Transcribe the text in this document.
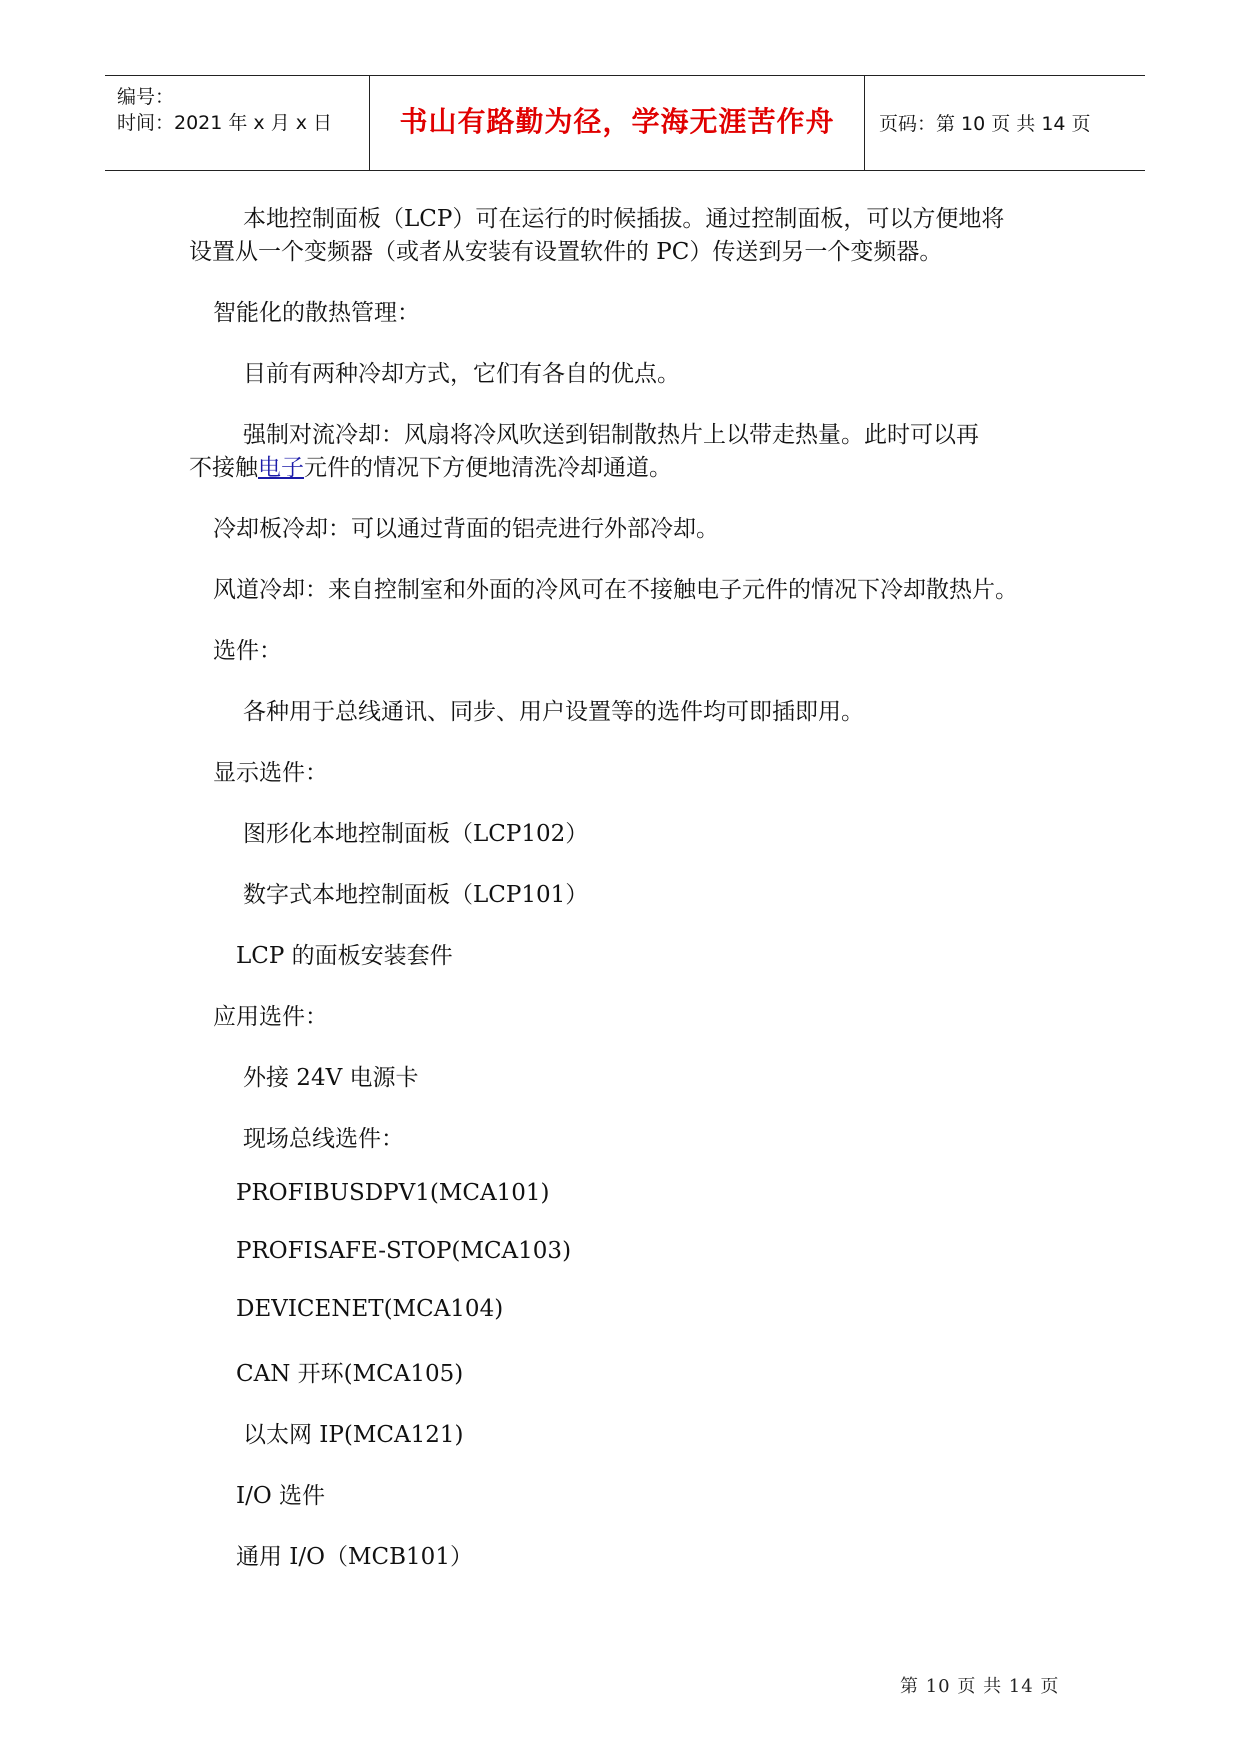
编号：
时间：2021 年 x 月 x 日	书山有路勤为径，学海无涯苦作舟	页码：第 10 页 共 14 页
本地控制面板（LCP）可在运行的时候插拔。通过控制面板，可以方便地将
设置从一个变频器（或者从安装有设置软件的 PC）传送到另一个变频器。
智能化的散热管理：
目前有两种冷却方式，它们有各自的优点。
强制对流冷却：风扇将冷风吹送到铝制散热片上以带走热量。此时可以再
不接触电子元件的情况下方便地清洗冷却通道。
冷却板冷却：可以通过背面的铝壳进行外部冷却。
风道冷却：来自控制室和外面的冷风可在不接触电子元件的情况下冷却散热片。
选件：
各种用于总线通讯、同步、用户设置等的选件均可即插即用。
显示选件：
图形化本地控制面板（LCP102）
数字式本地控制面板（LCP101）
LCP 的面板安装套件
应用选件：
外接 24V 电源卡
现场总线选件：
PROFIBUSDPV1(MCA101)
PROFISAFE-STOP(MCA103)
DEVICENET(MCA104)
CAN 开环(MCA105)
以太网 IP(MCA121)
I/O 选件
通用 I/O（MCB101）
第 10 页 共 14 页
